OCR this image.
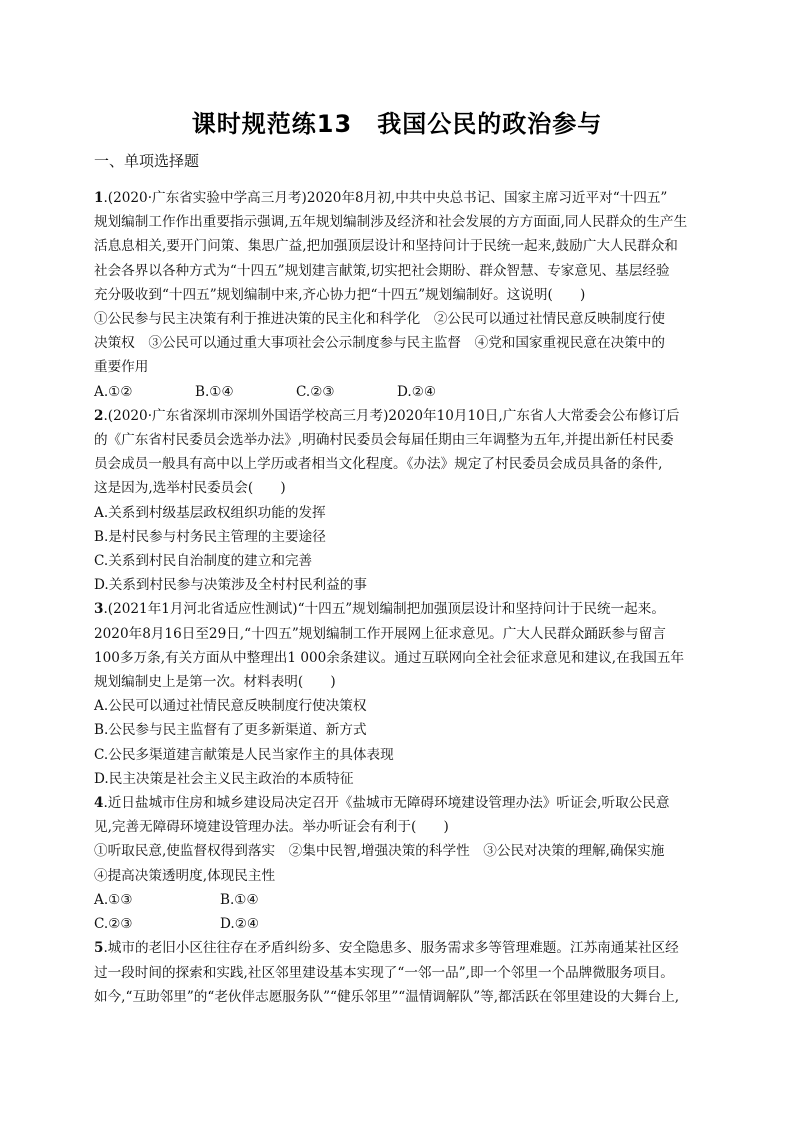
课时规范练13　我国公民的政治参与
一、单项选择题
1.(2020·广东省实验中学高三月考)2020年8月初,中共中央总书记、国家主席习近平对“十四五”
规划编制工作作出重要指示强调,五年规划编制涉及经济和社会发展的方方面面,同人民群众的生产生
活息息相关,要开门问策、集思广益,把加强顶层设计和坚持问计于民统一起来,鼓励广大人民群众和
社会各界以各种方式为“十四五”规划建言献策,切实把社会期盼、群众智慧、专家意见、基层经验
充分吸收到“十四五”规划编制中来,齐心协力把“十四五”规划编制好。这说明(　　)
①公民参与民主决策有利于推进决策的民主化和科学化　②公民可以通过社情民意反映制度行使
决策权　③公民可以通过重大事项社会公示制度参与民主监督　④党和国家重视民意在决策中的
重要作用
A.①②	B.①④	C.②③	D.②④
2.(2020·广东省深圳市深圳外国语学校高三月考)2020年10月10日,广东省人大常委会公布修订后
的《广东省村民委员会选举办法》,明确村民委员会每届任期由三年调整为五年,并提出新任村民委
员会成员一般具有高中以上学历或者相当文化程度。《办法》规定了村民委员会成员具备的条件,
这是因为,选举村民委员会(　　)
A.关系到村级基层政权组织功能的发挥
B.是村民参与村务民主管理的主要途径
C.关系到村民自治制度的建立和完善
D.关系到村民参与决策涉及全村村民利益的事
3.(2021年1月河北省适应性测试)“十四五”规划编制把加强顶层设计和坚持问计于民统一起来。
2020年8月16日至29日,“十四五”规划编制工作开展网上征求意见。广大人民群众踊跃参与留言
100多万条,有关方面从中整理出1 000余条建议。通过互联网向全社会征求意见和建议,在我国五年
规划编制史上是第一次。材料表明(　　)
A.公民可以通过社情民意反映制度行使决策权
B.公民参与民主监督有了更多新渠道、新方式
C.公民多渠道建言献策是人民当家作主的具体表现
D.民主决策是社会主义民主政治的本质特征
4.近日盐城市住房和城乡建设局决定召开《盐城市无障碍环境建设管理办法》听证会,听取公民意
见,完善无障碍环境建设管理办法。举办听证会有利于(　　)
①听取民意,使监督权得到落实　②集中民智,增强决策的科学性　③公民对决策的理解,确保实施
④提高决策透明度,体现民主性
A.①③	B.①④
C.②③	D.②④
5.城市的老旧小区往往存在矛盾纠纷多、安全隐患多、服务需求多等管理难题。江苏南通某社区经
过一段时间的探索和实践,社区邻里建设基本实现了“一邻一品”,即一个邻里一个品牌微服务项目。
如今,“互助邻里”的“老伙伴志愿服务队”“健乐邻里”“温情调解队”等,都活跃在邻里建设的大舞台上,
